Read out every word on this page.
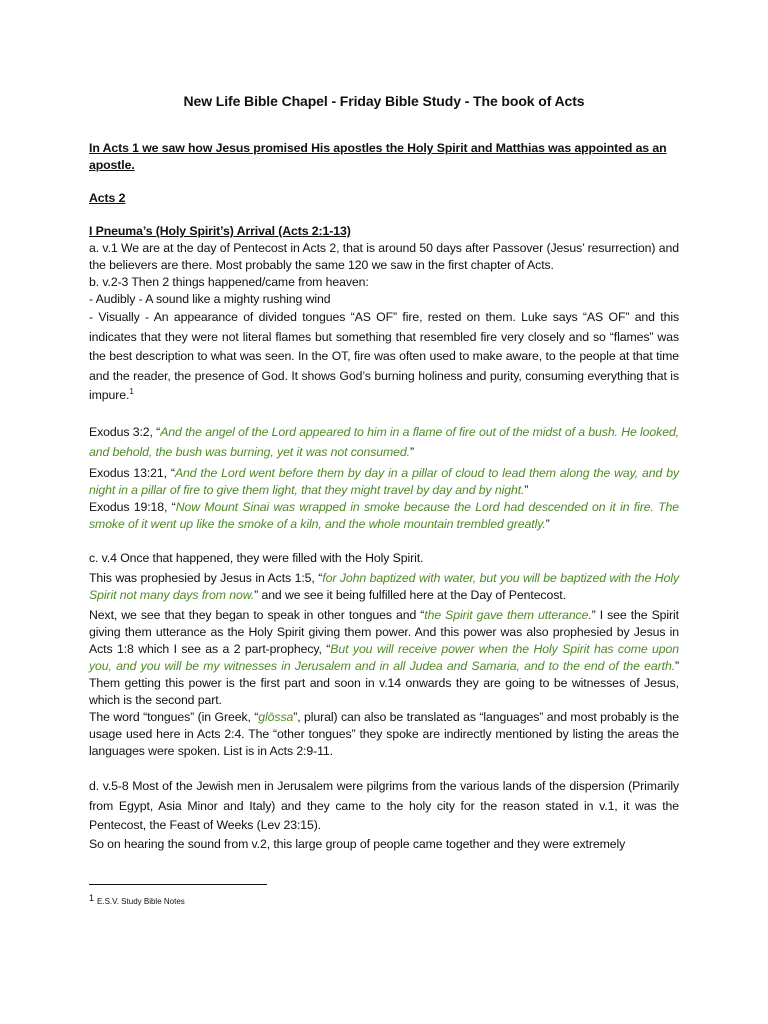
New Life Bible Chapel - Friday Bible Study - The book of Acts

In Acts 1 we saw how Jesus promised His apostles the Holy Spirit and Matthias was appointed as an apostle.

Acts 2

I Pneuma’s (Holy Spirit’s) Arrival (Acts 2:1-13)

a. v.1 We are at the day of Pentecost in Acts 2, that is around 50 days after Passover (Jesus’ resurrection) and the believers are there. Most probably the same 120 we saw in the first chapter of Acts.

b. v.2-3 Then 2 things happened/came from heaven:

- Audibly - A sound like a mighty rushing wind

- Visually - An appearance of divided tongues “AS OF” fire, rested on them. Luke says “AS OF” and this indicates that they were not literal flames but something that resembled fire very closely and so “flames” was the best description to what was seen. In the OT, fire was often used to make aware, to the people at that time and the reader, the presence of God. It shows God’s burning holiness and purity, consuming everything that is impure.$^1$

Exodus 3:2, “And the angel of the Lord appeared to him in a flame of fire out of the midst of a bush. He looked, and behold, the bush was burning, yet it was not consumed.”

Exodus 13:21, “And the Lord went before them by day in a pillar of cloud to lead them along the way, and by night in a pillar of fire to give them light, that they might travel by day and by night.”

Exodus 19:18, “Now Mount Sinai was wrapped in smoke because the Lord had descended on it in fire. The smoke of it went up like the smoke of a kiln, and the whole mountain trembled greatly.”

c. v.4 Once that happened, they were filled with the Holy Spirit.

This was prophesied by Jesus in Acts 1:5, “for John baptized with water, but you will be baptized with the Holy Spirit not many days from now.” and we see it being fulfilled here at the Day of Pentecost.

Next, we see that they began to speak in other tongues and “the Spirit gave them utterance.” I see the Spirit giving them utterance as the Holy Spirit giving them power. And this power was also prophesied by Jesus in Acts 1:8 which I see as a 2 part-prophecy, “But you will receive power when the Holy Spirit has come upon you, and you will be my witnesses in Jerusalem and in all Judea and Samaria, and to the end of the earth.” Them getting this power is the first part and soon in v.14 onwards they are going to be witnesses of Jesus, which is the second part.

The word “tongues” (in Greek, “glōssa”, plural) can also be translated as “languages” and most probably is the usage used here in Acts 2:4. The “other tongues” they spoke are indirectly mentioned by listing the areas the languages were spoken. List is in Acts 2:9-11.

d. v.5-8 Most of the Jewish men in Jerusalem were pilgrims from the various lands of the dispersion (Primarily from Egypt, Asia Minor and Italy) and they came to the holy city for the reason stated in v.1, it was the Pentecost, the Feast of Weeks (Lev 23:15).

So on hearing the sound from v.2, this large group of people came together and they were extremely

1 E.S.V. Study Bible Notes
